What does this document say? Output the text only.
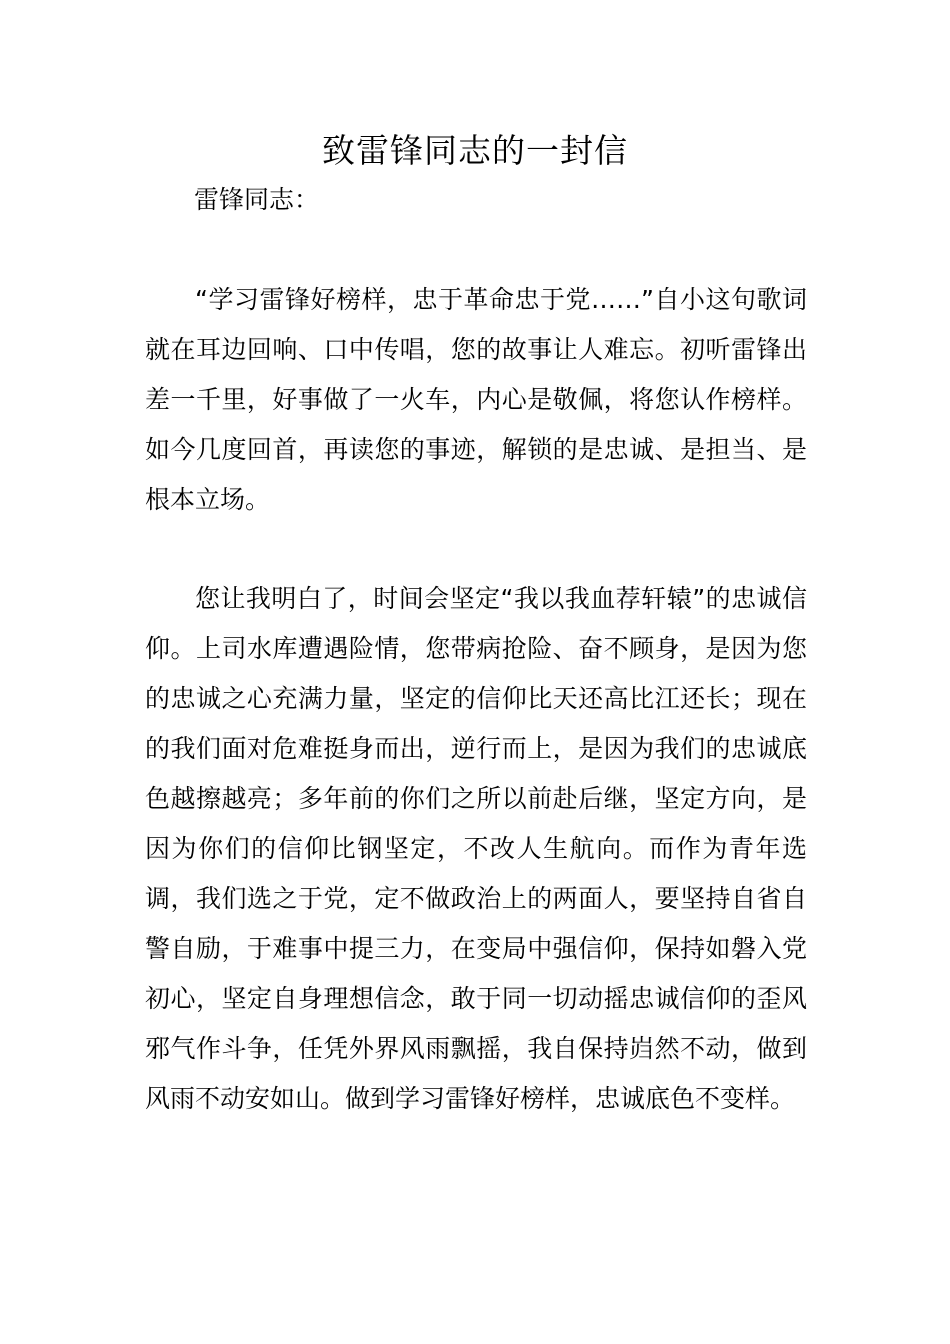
致雷锋同志的一封信
雷锋同志：

“学习雷锋好榜样，忠于革命忠于党……”自小这句歌词就在耳边回响、口中传唱，您的故事让人难忘。初听雷锋出差一千里，好事做了一火车，内心是敬佩，将您认作榜样。如今几度回首，再读您的事迹，解锁的是忠诚、是担当、是根本立场。

您让我明白了，时间会坚定“我以我血荐轩辕”的忠诚信仰。上司水库遭遇险情，您带病抢险、奋不顾身，是因为您的忠诚之心充满力量，坚定的信仰比天还高比江还长；现在的我们面对危难挺身而出，逆行而上，是因为我们的忠诚底色越擦越亮；多年前的你们之所以前赴后继，坚定方向，是因为你们的信仰比钢坚定，不改人生航向。而作为青年选调，我们选之于党，定不做政治上的两面人，要坚持自省自警自励，于难事中提三力，在变局中强信仰，保持如磐入党初心，坚定自身理想信念，敢于同一切动摇忠诚信仰的歪风邪气作斗争，任凭外界风雨飘摇，我自保持岿然不动，做到风雨不动安如山。做到学习雷锋好榜样，忠诚底色不变样。
